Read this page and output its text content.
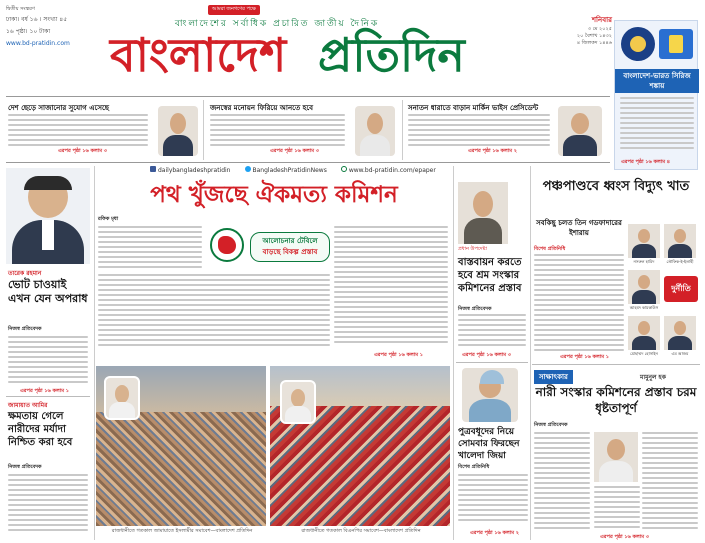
দ্বিতীয় সংস্করণ
ঢাকা। বর্ষ ১৬ । সংখ্যা ৪৫
১৬ পৃষ্ঠা। ১০ টাকা
www.bd-pratidin.com
আমরা জনগণের পক্ষে
বাংলাদেশের সর্বাধিক প্রচারিত জাতীয় দৈনিক
বাংলাদেশ প্রতিদিন
শনিবার
৩ মে ২০২৫
২০ বৈশাখ ১৪৩২
৪ জিলকদ ১৪৪৬
বাংলাদেশ-ভারত সিরিজ শঙ্কায়
এরপর পৃষ্ঠা ১৬ কলাম ৪
দেশ ছেড়ে সাজানোর সুযোগ এসেছে
এরপর পৃষ্ঠা ১৬ কলাম ৩
জনস্বের মনোয়ন ফিরিয়ে আনতে হবে
এরপর পৃষ্ঠা ১৬ কলাম ৩
সনাতন ধারাতে বাড়ান মার্কিন ভাইস প্রেসিডেন্ট
এরপর পৃষ্ঠা ১৬ কলাম ২
dailybangladeshpratidin	BangladeshPratidinNews	www.bd-pratidin.com/epaper
তারেক রহমান
ভোট চাওয়াই এখন যেন অপরাধ
নিজস্ব প্রতিবেদক
এরপর পৃষ্ঠা ১৬ কলাম ১
জামায়াত আমির
ক্ষমতায় গেলে নারীদের মর্যাদা নিশ্চিত করা হবে
নিজস্ব প্রতিবেদক
পথ খুঁজছে ঐকমত্য কমিশন
রফিক মৃধা
আলোচনার টেবিলে
বাড়ছে বিকল্প প্রস্তাব
এরপর পৃষ্ঠা ১৬ কলাম ১
রাজধানীতে গতকাল জামায়াতে ইসলামীর সমাবেশ—বাংলাদেশ প্রতিদিন	রাজধানীতে গতকাল বিএনপির সমাবেশ—বাংলাদেশ প্রতিদিন
প্রধান উপদেষ্টা
বাস্তবায়ন করতে হবে শ্রম সংস্কার কমিশনের প্রস্তাব
নিজস্ব প্রতিবেদক
এরপর পৃষ্ঠা ১৬ কলাম ৩
পুত্রবধূদের নিয়ে সোমবার ফিরছেন খালেদা জিয়া
বিশেষ প্রতিনিধি
এরপর পৃষ্ঠা ১৬ কলাম ২
পঞ্চপাণ্ডবে ধ্বংস বিদ্যুৎ খাত
সবকিছু চলত তিন গডফাদারের ইশারায়
বিশেষ প্রতিনিধি
এরপর পৃষ্ঠা ১৬ কলাম ১
নসরুল হামিদ	তৌফিক-ই-ইলাহী
আহমদ কায়কাউস
দুর্নীতি
মোহাম্মদ হোসাইন	এম আজম
সাক্ষাৎকার	মামুনুল হক
নারী সংস্কার কমিশনের প্রস্তাব চরম ধৃষ্টতাপূর্ণ
নিজস্ব প্রতিবেদক
এরপর পৃষ্ঠা ১৬ কলাম ৩
